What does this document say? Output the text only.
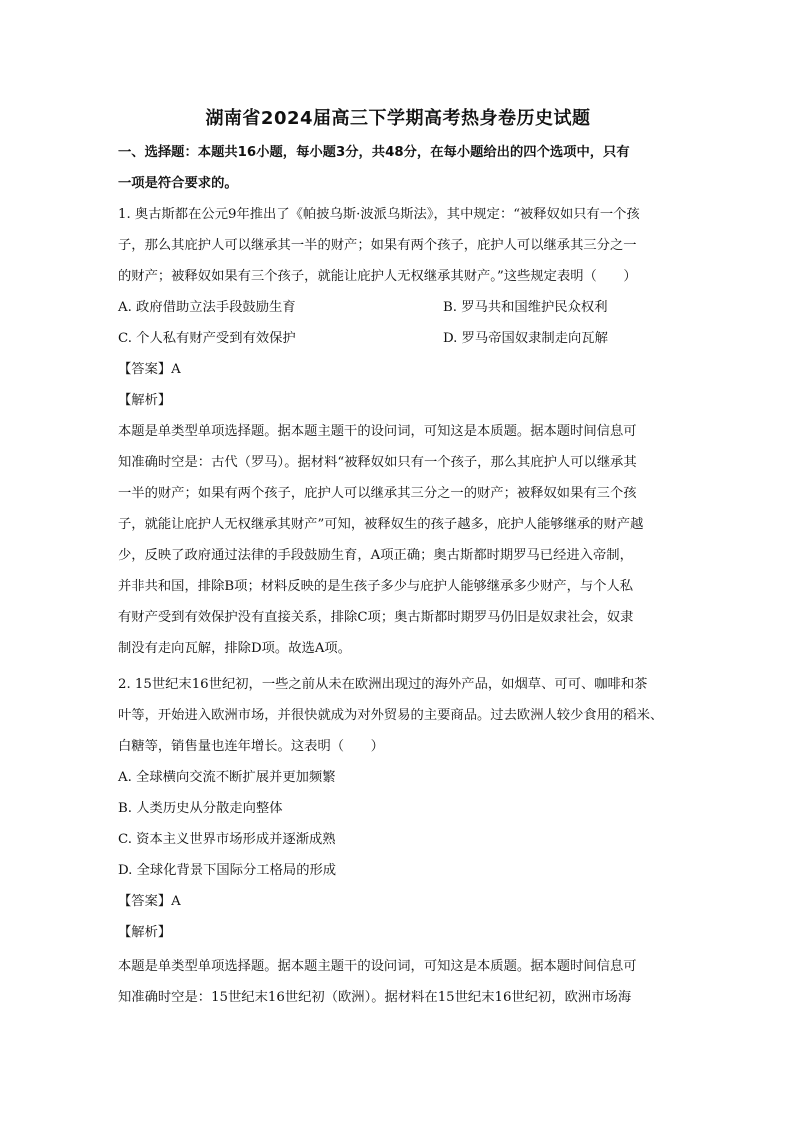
湖南省2024届高三下学期高考热身卷历史试题
一、选择题：本题共16小题，每小题3分，共48分，在每小题给出的四个选项中，只有
一项是符合要求的。
1. 奥古斯都在公元9年推出了《帕披乌斯·波派乌斯法》，其中规定：“被释奴如只有一个孩
子，那么其庇护人可以继承其一半的财产；如果有两个孩子，庇护人可以继承其三分之一
的财产；被释奴如果有三个孩子，就能让庇护人无权继承其财产。”这些规定表明（　　）
A. 政府借助立法手段鼓励生育	B. 罗马共和国维护民众权利
C. 个人私有财产受到有效保护	D. 罗马帝国奴隶制走向瓦解
【答案】A
【解析】
本题是单类型单项选择题。据本题主题干的设问词，可知这是本质题。据本题时间信息可
知准确时空是：古代（罗马）。据材料“被释奴如只有一个孩子，那么其庇护人可以继承其
一半的财产；如果有两个孩子，庇护人可以继承其三分之一的财产；被释奴如果有三个孩
子，就能让庇护人无权继承其财产”可知，被释奴生的孩子越多，庇护人能够继承的财产越
少，反映了政府通过法律的手段鼓励生育，A项正确；奥古斯都时期罗马已经进入帝制，
并非共和国，排除B项；材料反映的是生孩子多少与庇护人能够继承多少财产，与个人私
有财产受到有效保护没有直接关系，排除C项；奥古斯都时期罗马仍旧是奴隶社会，奴隶
制没有走向瓦解，排除D项。故选A项。
2. 15世纪末16世纪初，一些之前从未在欧洲出现过的海外产品，如烟草、可可、咖啡和茶
叶等，开始进入欧洲市场，并很快就成为对外贸易的主要商品。过去欧洲人较少食用的稻米、
白糖等，销售量也连年增长。这表明（　　）
A. 全球横向交流不断扩展并更加频繁
B. 人类历史从分散走向整体
C. 资本主义世界市场形成并逐渐成熟
D. 全球化背景下国际分工格局的形成
【答案】A
【解析】
本题是单类型单项选择题。据本题主题干的设问词，可知这是本质题。据本题时间信息可
知准确时空是：15世纪末16世纪初（欧洲）。据材料在15世纪末16世纪初，欧洲市场海
